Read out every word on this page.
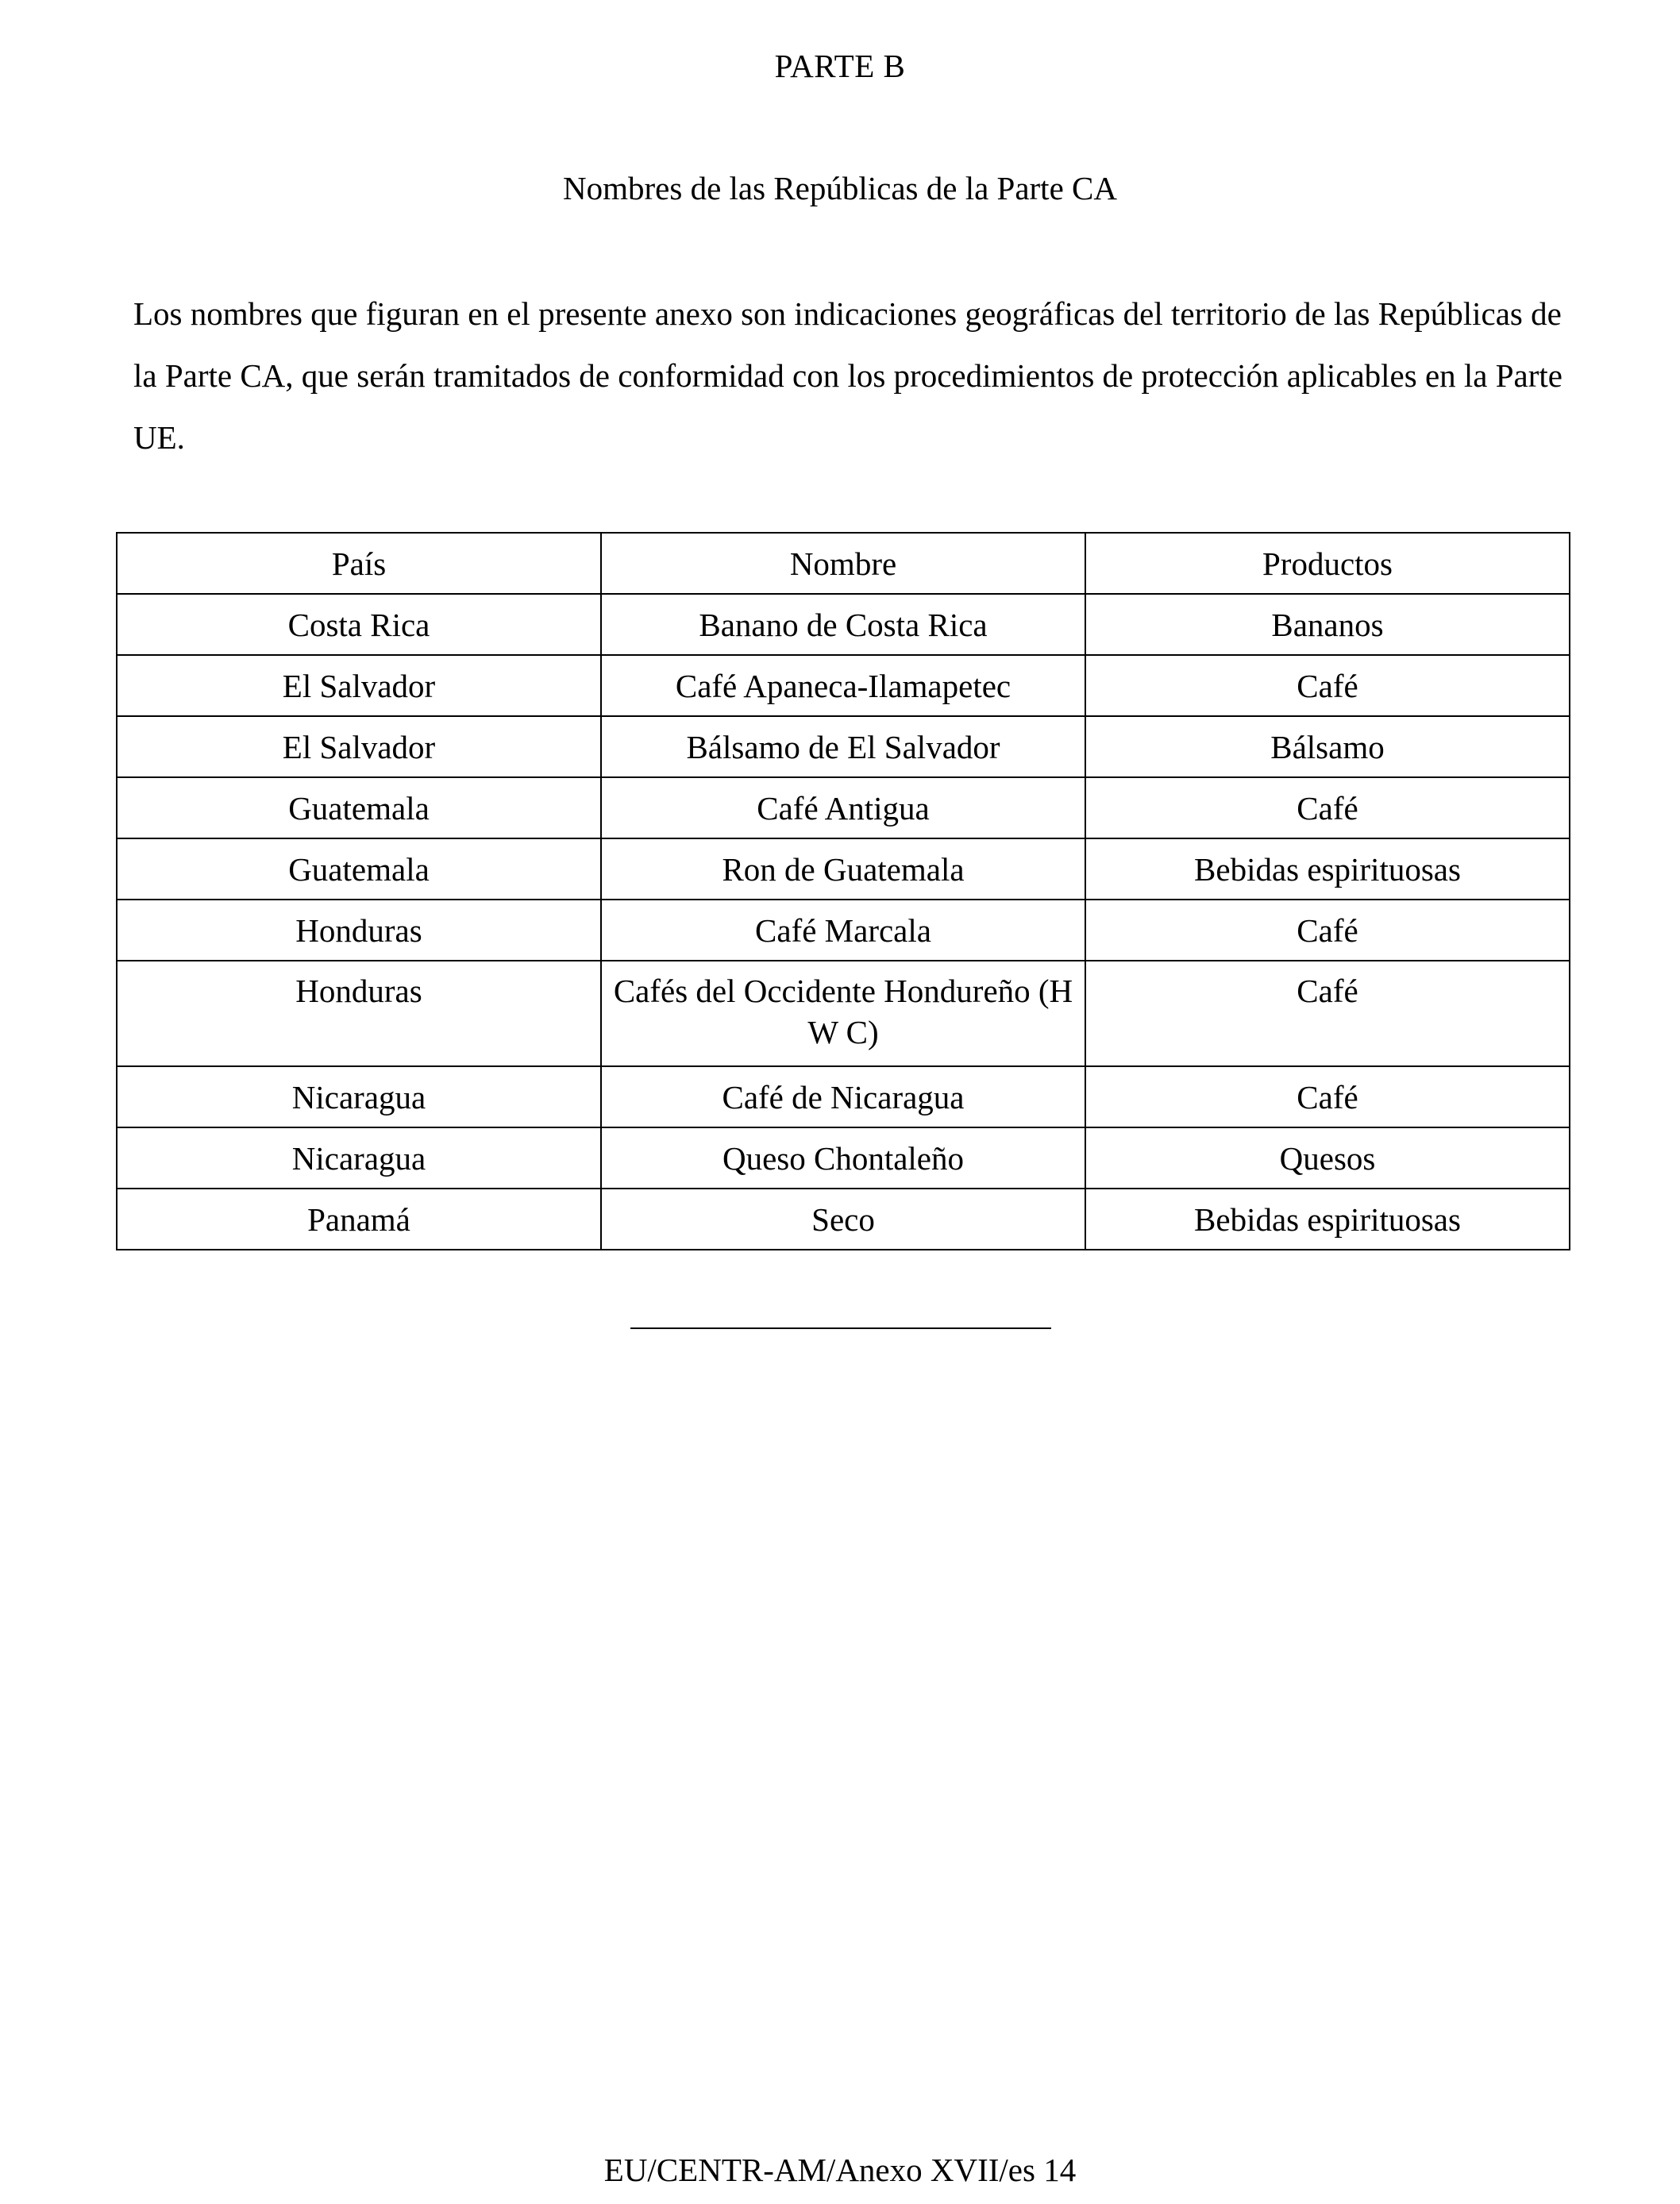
PARTE B
Nombres de las Repúblicas de la Parte CA

Los nombres que figuran en el presente anexo son indicaciones geográficas del territorio de las Repúblicas de la Parte CA, que serán tramitados de conformidad con los procedimientos de protección aplicables en la Parte UE.

País	Nombre	Productos
Costa Rica	Banano de Costa Rica	Bananos
El Salvador	Café Apaneca-Ilamapetec	Café
El Salvador	Bálsamo de El Salvador	Bálsamo
Guatemala	Café Antigua	Café
Guatemala	Ron de Guatemala	Bebidas espirituosas
Honduras	Café Marcala	Café
Honduras	Cafés del Occidente Hondureño (H W C)	Café
Nicaragua	Café de Nicaragua	Café
Nicaragua	Queso Chontaleño	Quesos
Panamá	Seco	Bebidas espirituosas
EU/CENTR-AM/Anexo XVII/es 14
